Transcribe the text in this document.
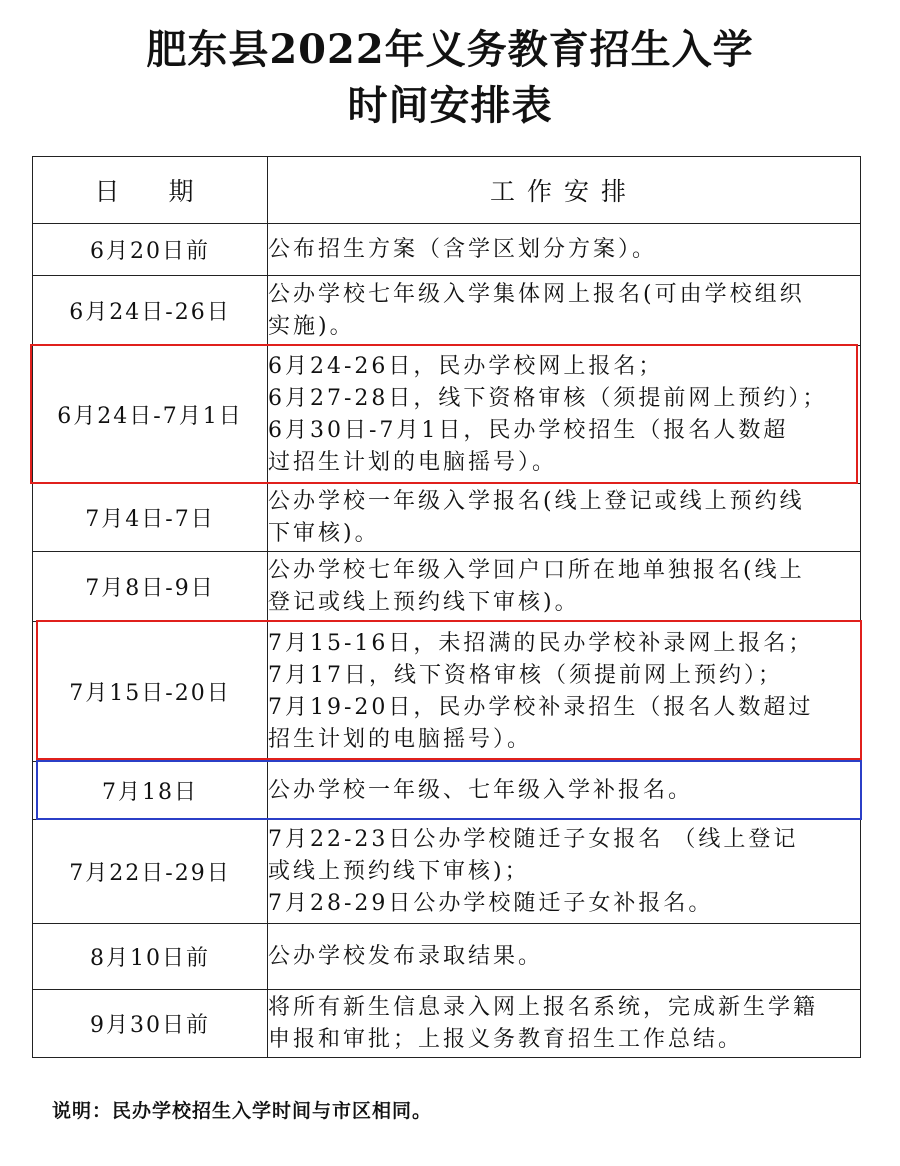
肥东县2022年义务教育招生入学
时间安排表
日　期	工作安排
6月20日前	公布招生方案（含学区划分方案）。

6月24日-26日	公办学校七年级入学集体网上报名(可由学校组织
实施)。

6月24日-7月1日	6月24-26日，民办学校网上报名；
6月27-28日，线下资格审核（须提前网上预约）；
6月30日-7月1日，民办学校招生（报名人数超
过招生计划的电脑摇号）。

7月4日-7日	公办学校一年级入学报名(线上登记或线上预约线
下审核)。

7月8日-9日	公办学校七年级入学回户口所在地单独报名(线上
登记或线上预约线下审核)。

7月15日-20日	7月15-16日，未招满的民办学校补录网上报名；
7月17日，线下资格审核（须提前网上预约）；
7月19-20日，民办学校补录招生（报名人数超过
招生计划的电脑摇号）。

7月18日	公办学校一年级、七年级入学补报名。

7月22日-29日	7月22-23日公办学校随迁子女报名 （线上登记
或线上预约线下审核)；
7月28-29日公办学校随迁子女补报名。

8月10日前	公办学校发布录取结果。

9月30日前	将所有新生信息录入网上报名系统，完成新生学籍
申报和审批；上报义务教育招生工作总结。
说明：民办学校招生入学时间与市区相同。
